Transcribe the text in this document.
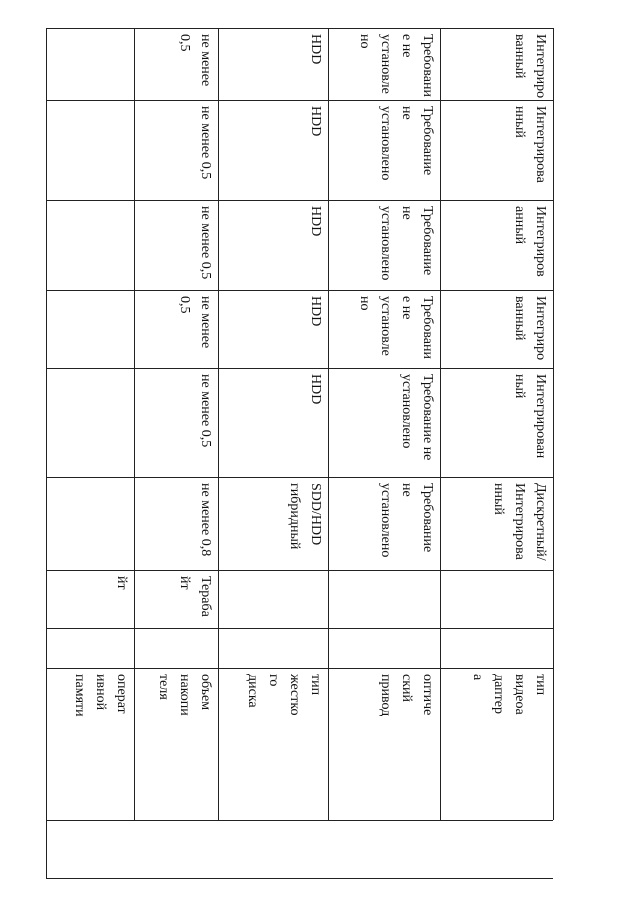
операт
ивной
памяти
йт
объем
накопи
теля
Тераба
йт
не менее 0,8
не менее 0,5
не менее
0,5
не менее 0,5
не менее 0,5
не менее
0,5
тип
жестко
го
диска
SDD/HDD
гибридный
HDD
HDD
HDD
HDD
HDD
оптиче
ский
привод
Требование
не
установлено
Требование не
установлено
Требовани
е не
установле
но
Требование
не
установлено
Требование
не
установлено
Требовани
е не
установле
но
тип
видеоа
даптер
а
Дискретный/
Интегрирова
нный
Интегрирован
ный
Интегриро
ванный
Интегриров
анный
Интегрирова
нный
Интегриро
ванный
